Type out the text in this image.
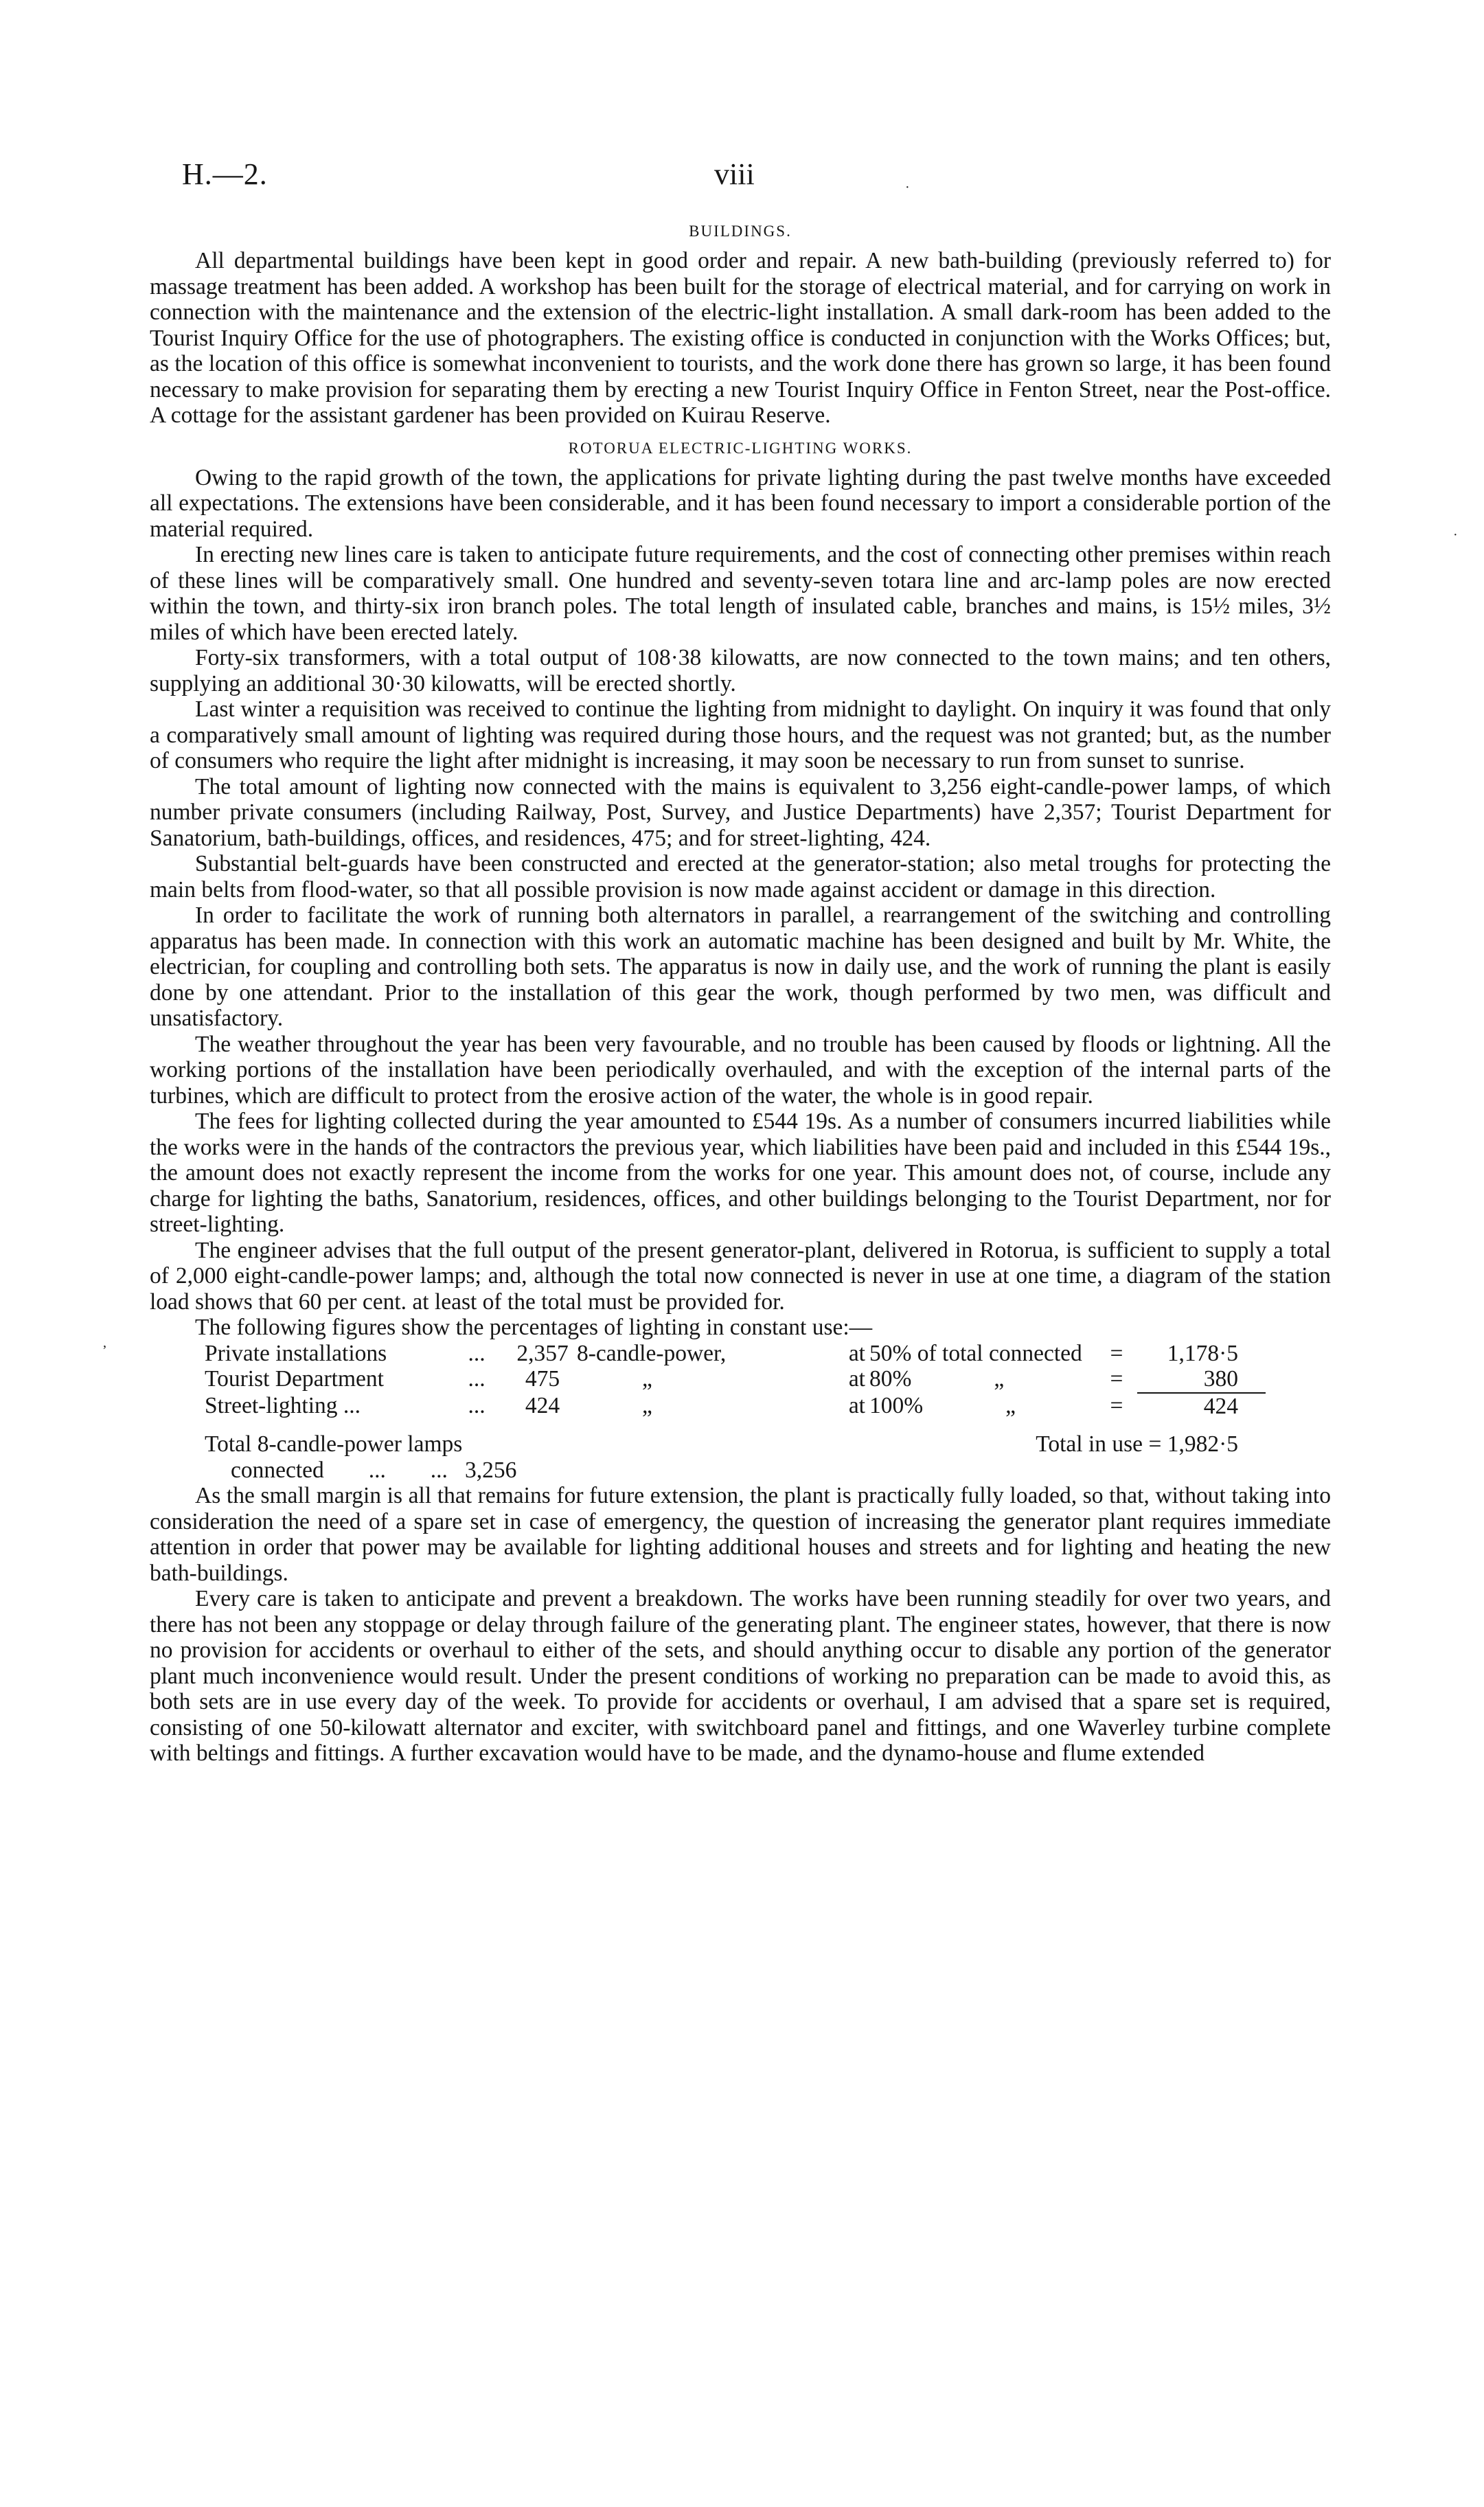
H.—2.	viii
BUILDINGS.

All departmental buildings have been kept in good order and repair. A new bath-building (previously referred to) for massage treatment has been added. A workshop has been built for the storage of electrical material, and for carrying on work in connection with the maintenance and the extension of the electric-light installation. A small dark-room has been added to the Tourist Inquiry Office for the use of photographers. The existing office is conducted in conjunction with the Works Offices; but, as the location of this office is somewhat inconvenient to tourists, and the work done there has grown so large, it has been found necessary to make provision for separating them by erecting a new Tourist Inquiry Office in Fenton Street, near the Post-office. A cottage for the assistant gardener has been provided on Kuirau Reserve.

ROTORUA ELECTRIC-LIGHTING WORKS.

Owing to the rapid growth of the town, the applications for private lighting during the past twelve months have exceeded all expectations. The extensions have been considerable, and it has been found necessary to import a considerable portion of the material required.

In erecting new lines care is taken to anticipate future requirements, and the cost of connecting other premises within reach of these lines will be comparatively small. One hundred and seventy-seven totara line and arc-lamp poles are now erected within the town, and thirty-six iron branch poles. The total length of insulated cable, branches and mains, is 15½ miles, 3½ miles of which have been erected lately.

Forty-six transformers, with a total output of 108·38 kilowatts, are now connected to the town mains; and ten others, supplying an additional 30·30 kilowatts, will be erected shortly.

Last winter a requisition was received to continue the lighting from midnight to daylight. On inquiry it was found that only a comparatively small amount of lighting was required during those hours, and the request was not granted; but, as the number of consumers who require the light after midnight is increasing, it may soon be necessary to run from sunset to sunrise.

The total amount of lighting now connected with the mains is equivalent to 3,256 eight-candle-power lamps, of which number private consumers (including Railway, Post, Survey, and Justice Departments) have 2,357; Tourist Department for Sanatorium, bath-buildings, offices, and residences, 475; and for street-lighting, 424.

Substantial belt-guards have been constructed and erected at the generator-station; also metal troughs for protecting the main belts from flood-water, so that all possible provision is now made against accident or damage in this direction.

In order to facilitate the work of running both alternators in parallel, a rearrangement of the switching and controlling apparatus has been made. In connection with this work an automatic machine has been designed and built by Mr. White, the electrician, for coupling and controlling both sets. The apparatus is now in daily use, and the work of running the plant is easily done by one attendant. Prior to the installation of this gear the work, though performed by two men, was difficult and unsatisfactory.

The weather throughout the year has been very favourable, and no trouble has been caused by floods or lightning. All the working portions of the installation have been periodically overhauled, and with the exception of the internal parts of the turbines, which are difficult to protect from the erosive action of the water, the whole is in good repair.

The fees for lighting collected during the year amounted to £544 19s. As a number of consumers incurred liabilities while the works were in the hands of the contractors the previous year, which liabilities have been paid and included in this £544 19s., the amount does not exactly represent the income from the works for one year. This amount does not, of course, include any charge for lighting the baths, Sanatorium, residences, offices, and other buildings belonging to the Tourist Department, nor for street-lighting.

The engineer advises that the full output of the present generator-plant, delivered in Rotorua, is sufficient to supply a total of 2,000 eight-candle-power lamps; and, although the total now connected is never in use at one time, a diagram of the station load shows that 60 per cent. at least of the total must be provided for.

The following figures show the percentages of lighting in constant use:—

Private installations	...	2,357	8-candle-power,	at	50% of total connected	=	1,178·5
Tourist Department	...	475	„	at	80% „	=	380
Street-lighting ...	...	424	„	at	100% „	=	424
Total 8-candle-power lamps	Total in use = 1,982·5
connected ... ... 3,256

As the small margin is all that remains for future extension, the plant is practically fully loaded, so that, without taking into consideration the need of a spare set in case of emergency, the question of increasing the generator plant requires immediate attention in order that power may be available for lighting additional houses and streets and for lighting and heating the new bath-buildings.

Every care is taken to anticipate and prevent a breakdown. The works have been running steadily for over two years, and there has not been any stoppage or delay through failure of the generating plant. The engineer states, however, that there is now no provision for accidents or overhaul to either of the sets, and should anything occur to disable any portion of the generator plant much inconvenience would result. Under the present conditions of working no preparation can be made to avoid this, as both sets are in use every day of the week. To provide for accidents or overhaul, I am advised that a spare set is required, consisting of one 50-kilowatt alternator and exciter, with switchboard panel and fittings, and one Waverley turbine complete with beltings and fittings. A further excavation would have to be made, and the dynamo-house and flume extended

·
·
,
